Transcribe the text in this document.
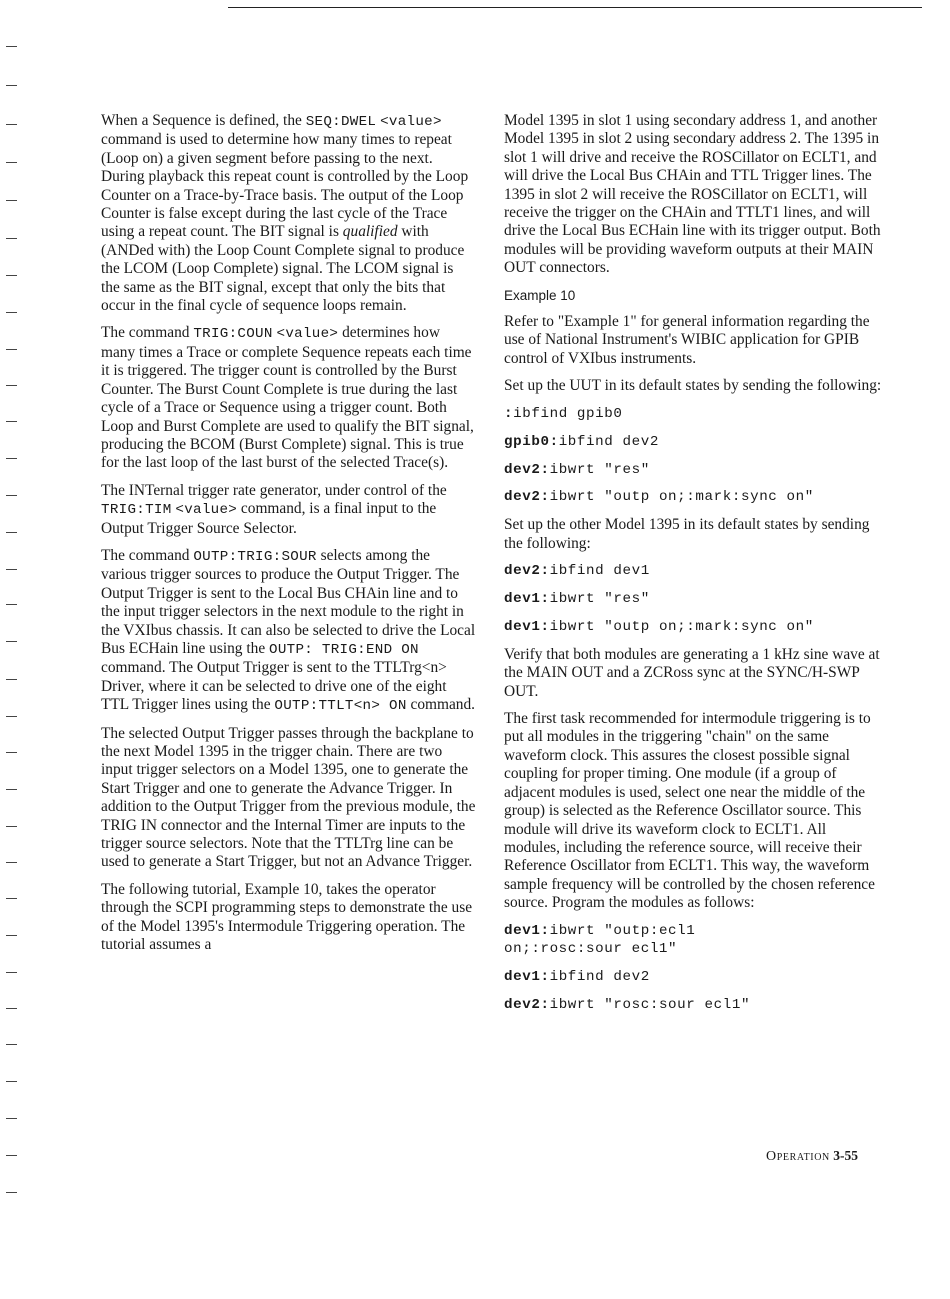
When a Sequence is defined, the SEQ:DWEL <value> command is used to determine how many times to repeat (Loop on) a given segment before passing to the next. During playback this repeat count is controlled by the Loop Counter on a Trace-by-Trace basis. The output of the Loop Counter is false except during the last cycle of the Trace using a repeat count. The BIT signal is qualified with (ANDed with) the Loop Count Complete signal to produce the LCOM (Loop Complete) signal. The LCOM signal is the same as the BIT signal, except that only the bits that occur in the final cycle of sequence loops remain.

The command TRIG:COUN <value> determines how many times a Trace or complete Sequence repeats each time it is triggered. The trigger count is controlled by the Burst Counter. The Burst Count Complete is true during the last cycle of a Trace or Sequence using a trigger count. Both Loop and Burst Complete are used to qualify the BIT signal, producing the BCOM (Burst Complete) signal. This is true for the last loop of the last burst of the selected Trace(s).

The INTernal trigger rate generator, under control of the TRIG:TIM <value> command, is a final input to the Output Trigger Source Selector.

The command OUTP:TRIG:SOUR selects among the various trigger sources to produce the Output Trigger. The Output Trigger is sent to the Local Bus CHAin line and to the input trigger selectors in the next module to the right in the VXIbus chassis. It can also be selected to drive the Local Bus ECHain line using the OUTP: TRIG:END ON command. The Output Trigger is sent to the TTLTrg<n> Driver, where it can be selected to drive one of the eight TTL Trigger lines using the OUTP:TTLT<n> ON command.

The selected Output Trigger passes through the backplane to the next Model 1395 in the trigger chain. There are two input trigger selectors on a Model 1395, one to generate the Start Trigger and one to generate the Advance Trigger. In addition to the Output Trigger from the previous module, the TRIG IN connector and the Internal Timer are inputs to the trigger source selectors. Note that the TTLTrg line can be used to generate a Start Trigger, but not an Advance Trigger.

The following tutorial, Example 10, takes the operator through the SCPI programming steps to demonstrate the use of the Model 1395's Intermodule Triggering operation. The tutorial assumes a

Model 1395 in slot 1 using secondary address 1, and another Model 1395 in slot 2 using secondary address 2. The 1395 in slot 1 will drive and receive the ROSCillator on ECLT1, and will drive the Local Bus CHAin and TTL Trigger lines. The 1395 in slot 2 will receive the ROSCillator on ECLT1, will receive the trigger on the CHAin and TTLT1 lines, and will drive the Local Bus ECHain line with its trigger output. Both modules will be providing waveform outputs at their MAIN OUT connectors.

Example 10

Refer to "Example 1" for general information regarding the use of National Instrument's WIBIC application for GPIB control of VXIbus instruments.

Set up the UUT in its default states by sending the following:

:ibfind gpib0
gpib0:ibfind dev2
dev2:ibwrt "res"
dev2:ibwrt "outp on;:mark:sync on"

Set up the other Model 1395 in its default states by sending the following:

dev2:ibfind dev1
dev1:ibwrt "res"
dev1:ibwrt "outp on;:mark:sync on"

Verify that both modules are generating a 1 kHz sine wave at the MAIN OUT and a ZCRoss sync at the SYNC/H-SWP OUT.

The first task recommended for intermodule triggering is to put all modules in the triggering "chain" on the same waveform clock. This assures the closest possible signal coupling for proper timing. One module (if a group of adjacent modules is used, select one near the middle of the group) is selected as the Reference Oscillator source. This module will drive its waveform clock to ECLT1. All modules, including the reference source, will receive their Reference Oscillator from ECLT1. This way, the waveform sample frequency will be controlled by the chosen reference source. Program the modules as follows:

dev1:ibwrt "outp:ecl1
on;:rosc:sour ecl1"
dev1:ibfind dev2
dev2:ibwrt "rosc:sour ecl1"
Operation 3-55
